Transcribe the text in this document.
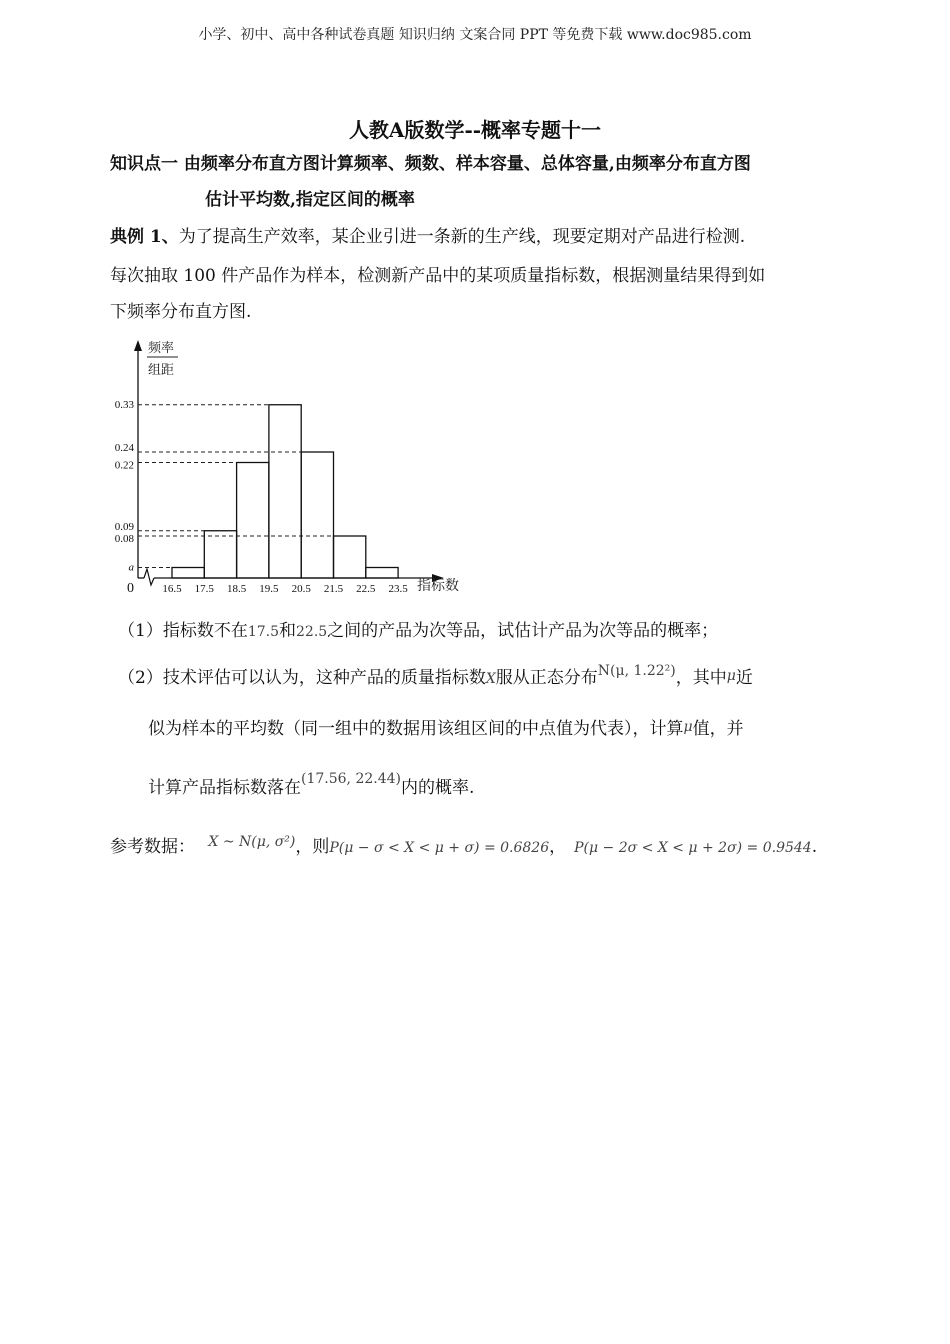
小学、初中、高中各种试卷真题 知识归纳 文案合同 PPT 等免费下载 www.doc985.com
人教A版数学--概率专题十一
知识点一 由频率分布直方图计算频率、频数、样本容量、总体容量,由频率分布直方图
估计平均数,指定区间的概率
典例 1、为了提高生产效率，某企业引进一条新的生产线，现要定期对产品进行检测.
每次抽取 100 件产品作为样本，检测新产品中的某项质量指标数，根据测量结果得到如
下频率分布直方图.
频率
组距
0	指标数
a
0.08
0.09
0.22
0.24
0.33
16.5 17.5 18.5 19.5 20.5 21.5 22.5 23.5
（1）指标数不在17.5和22.5之间的产品为次等品，试估计产品为次等品的概率；
（2）技术评估可以认为，这种产品的质量指标数X服从正态分布$^{N(\mu, 1.22^2)}$，其中μ近
似为样本的平均数（同一组中的数据用该组区间的中点值为代表），计算μ值，并
计算产品指标数落在$^{(17.56, 22.44)}$内的概率.
参考数据： $^{X \sim N(\mu, \sigma^2)}$，则P(μ − σ < X < μ + σ) = 0.6826， P(μ − 2σ < X < μ + 2σ) = 0.9544.
